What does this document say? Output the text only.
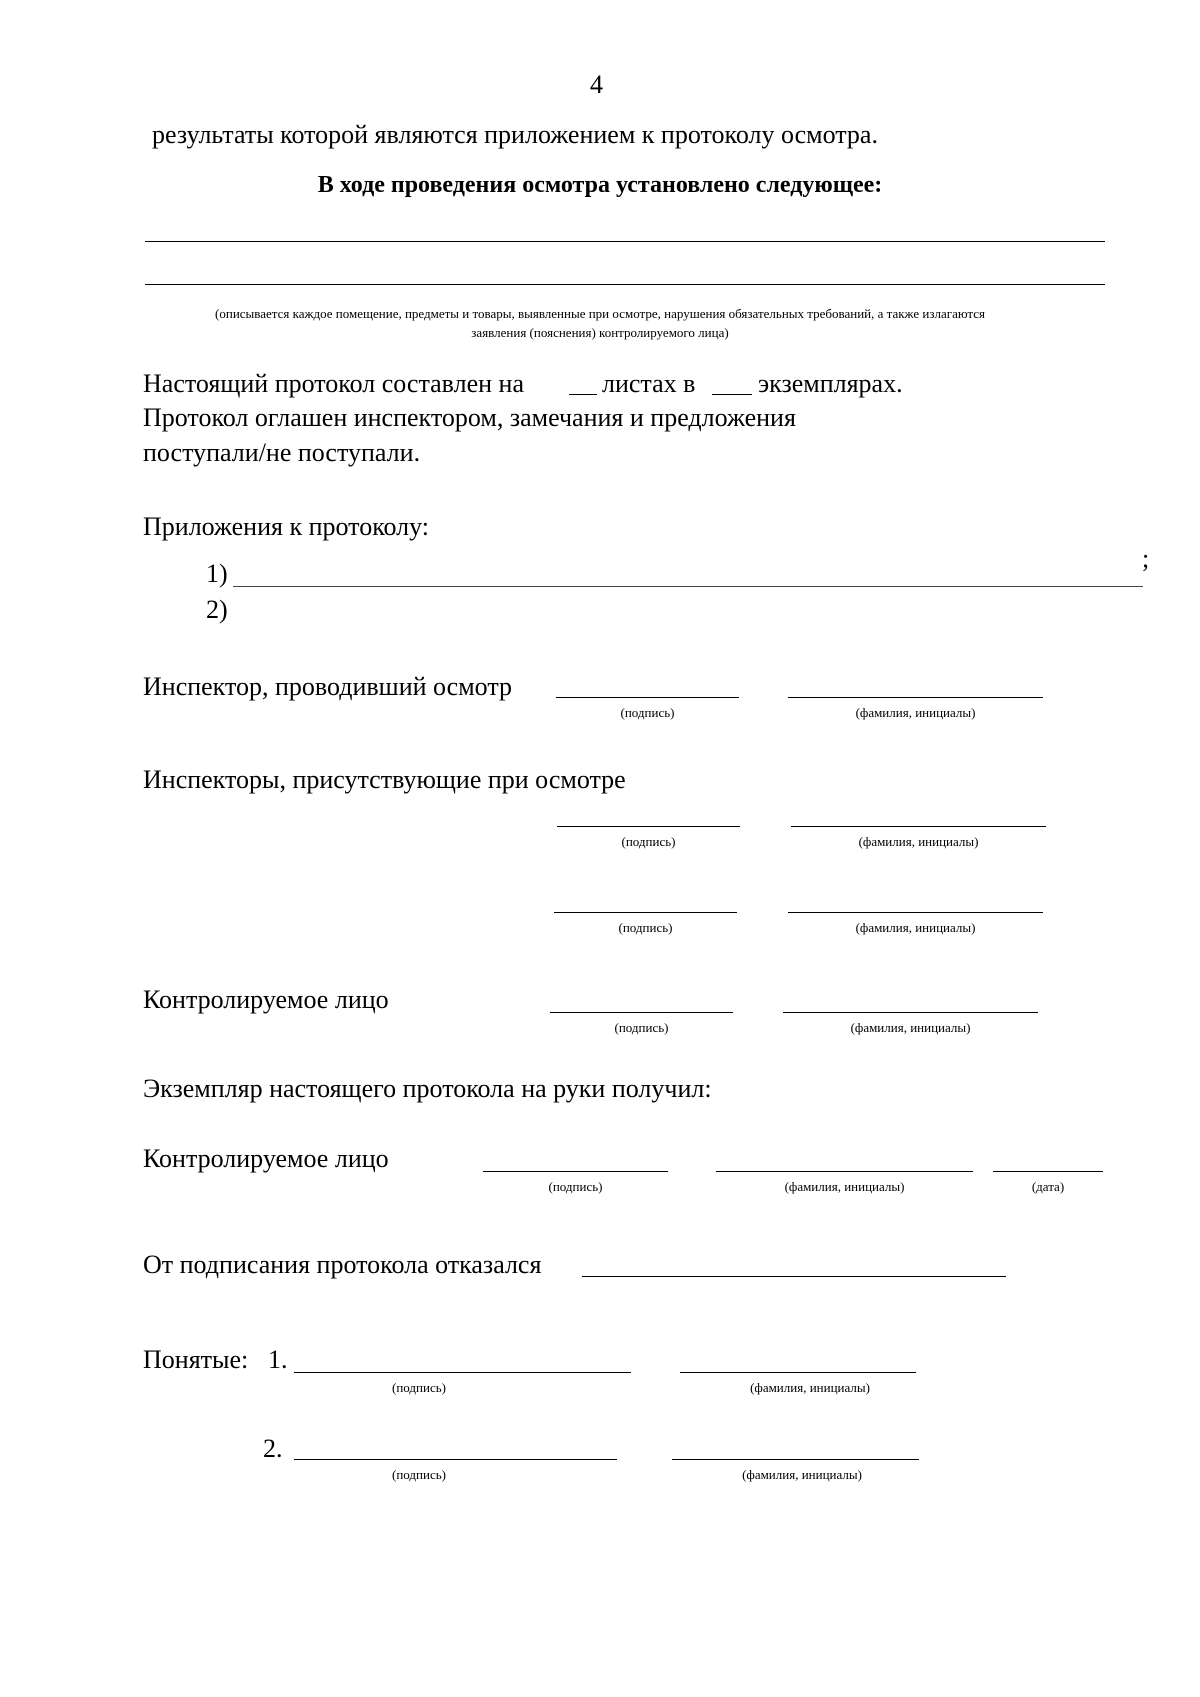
4
результаты которой являются приложением к протоколу осмотра.
В ходе проведения осмотра установлено следующее:
(описывается каждое помещение, предметы и товары, выявленные при осмотре, нарушения обязательных требований, а также излагаются
заявления (пояснения) контролируемого лица)
Настоящий протокол составлен на	листах в экземплярах.
Протокол оглашен инспектором, замечания и предложения
поступали/не поступали.
Приложения к протоколу:
1)
;
2)
Инспектор, проводивший осмотр
(подпись)	(фамилия, инициалы)
Инспекторы, присутствующие при осмотре
(подпись)	(фамилия, инициалы)
(подпись)	(фамилия, инициалы)
Контролируемое лицо
(подпись)	(фамилия, инициалы)
Экземпляр настоящего протокола на руки получил:
Контролируемое лицо
(подпись)	(фамилия, инициалы)	(дата)
От подписания протокола отказался
Понятые: 1.
(подпись)	(фамилия, инициалы)
2.
(подпись)	(фамилия, инициалы)
